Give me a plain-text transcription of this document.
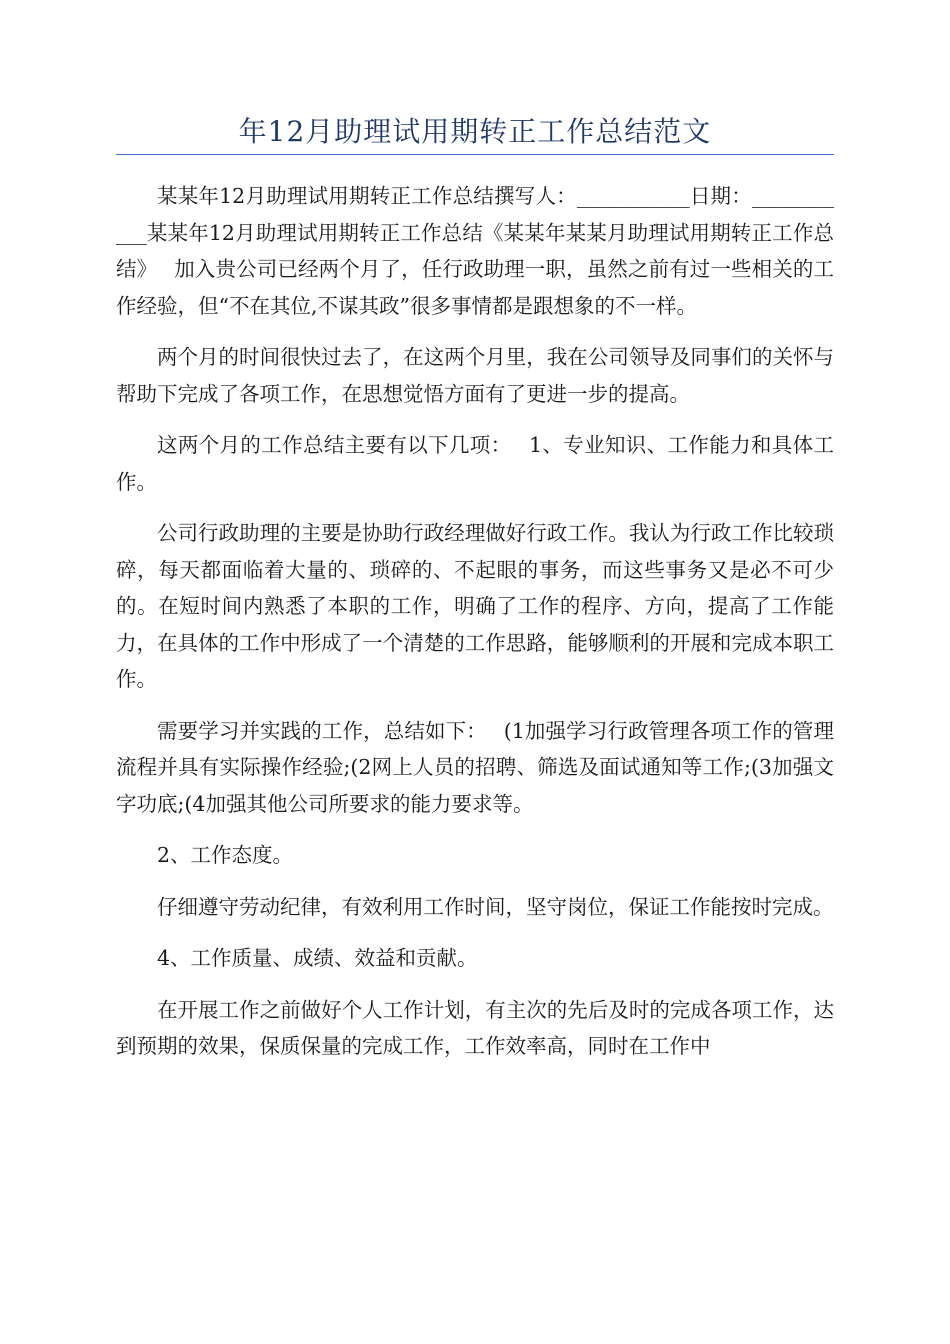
年12月助理试用期转正工作总结范文

某某年12月助理试用期转正工作总结撰写人：___________日期：___________某某年12月助理试用期转正工作总结《某某年某某月助理试用期转正工作总结》　 加入贵公司已经两个月了，任行政助理一职，虽然之前有过一些相关的工作经验，但“不在其位,不谋其政”很多事情都是跟想象的不一样。

两个月的时间很快过去了，在这两个月里，我在公司领导及同事们的关怀与帮助下完成了各项工作，在思想觉悟方面有了更进一步的提高。

这两个月的工作总结主要有以下几项：　 1、专业知识、工作能力和具体工作。

公司行政助理的主要是协助行政经理做好行政工作。我认为行政工作比较琐碎，每天都面临着大量的、琐碎的、不起眼的事务，而这些事务又是必不可少的。在短时间内熟悉了本职的工作，明确了工作的程序、方向，提高了工作能力，在具体的工作中形成了一个清楚的工作思路，能够顺利的开展和完成本职工作。

需要学习并实践的工作，总结如下：　 (1加强学习行政管理各项工作的管理流程并具有实际操作经验;(2网上人员的招聘、筛选及面试通知等工作;(3加强文字功底;(4加强其他公司所要求的能力要求等。

2、工作态度。

仔细遵守劳动纪律，有效利用工作时间，坚守岗位，保证工作能按时完成。

4、工作质量、成绩、效益和贡献。

在开展工作之前做好个人工作计划，有主次的先后及时的完成各项工作，达到预期的效果，保质保量的完成工作，工作效率高，同时在工作中
